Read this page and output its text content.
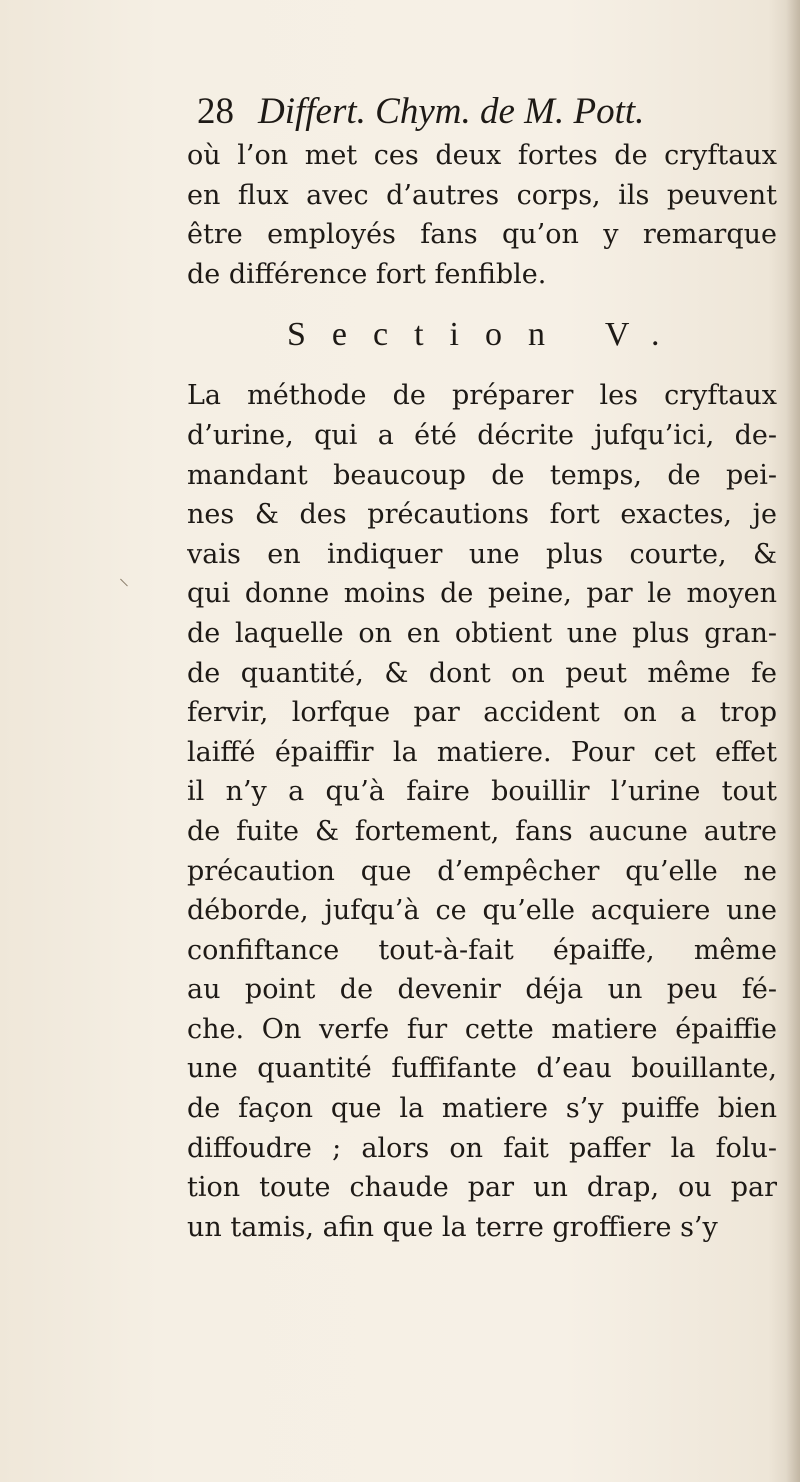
28 Differt. Chym. de M. Pott.
où l’on met ces deux fortes de cryftaux
en flux avec d’autres corps, ils peuvent
être employés fans qu’on y remarque
de différence fort fenfible.
Section V.
La méthode de préparer les cryftaux
d’urine, qui a été décrite jufqu’ici, de-
mandant beaucoup de temps, de pei-
nes & des précautions fort exactes, je
vais en indiquer une plus courte, &
qui donne moins de peine, par le moyen
de laquelle on en obtient une plus gran-
de quantité, & dont on peut même fe
fervir, lorfque par accident on a trop
laiffé épaiffir la matiere. Pour cet effet
il n’y a qu’à faire bouillir l’urine tout
de fuite & fortement, fans aucune autre
précaution que d’empêcher qu’elle ne
déborde, jufqu’à ce qu’elle acquiere une
confiftance tout-à-fait épaiffe, même
au point de devenir déja un peu fé-
che. On verfe fur cette matiere épaiffie
une quantité fuffifante d’eau bouillante,
de façon que la matiere s’y puiffe bien
diffoudre ; alors on fait paffer la folu-
tion toute chaude par un drap, ou par
un tamis, afin que la terre groffiere s’y
